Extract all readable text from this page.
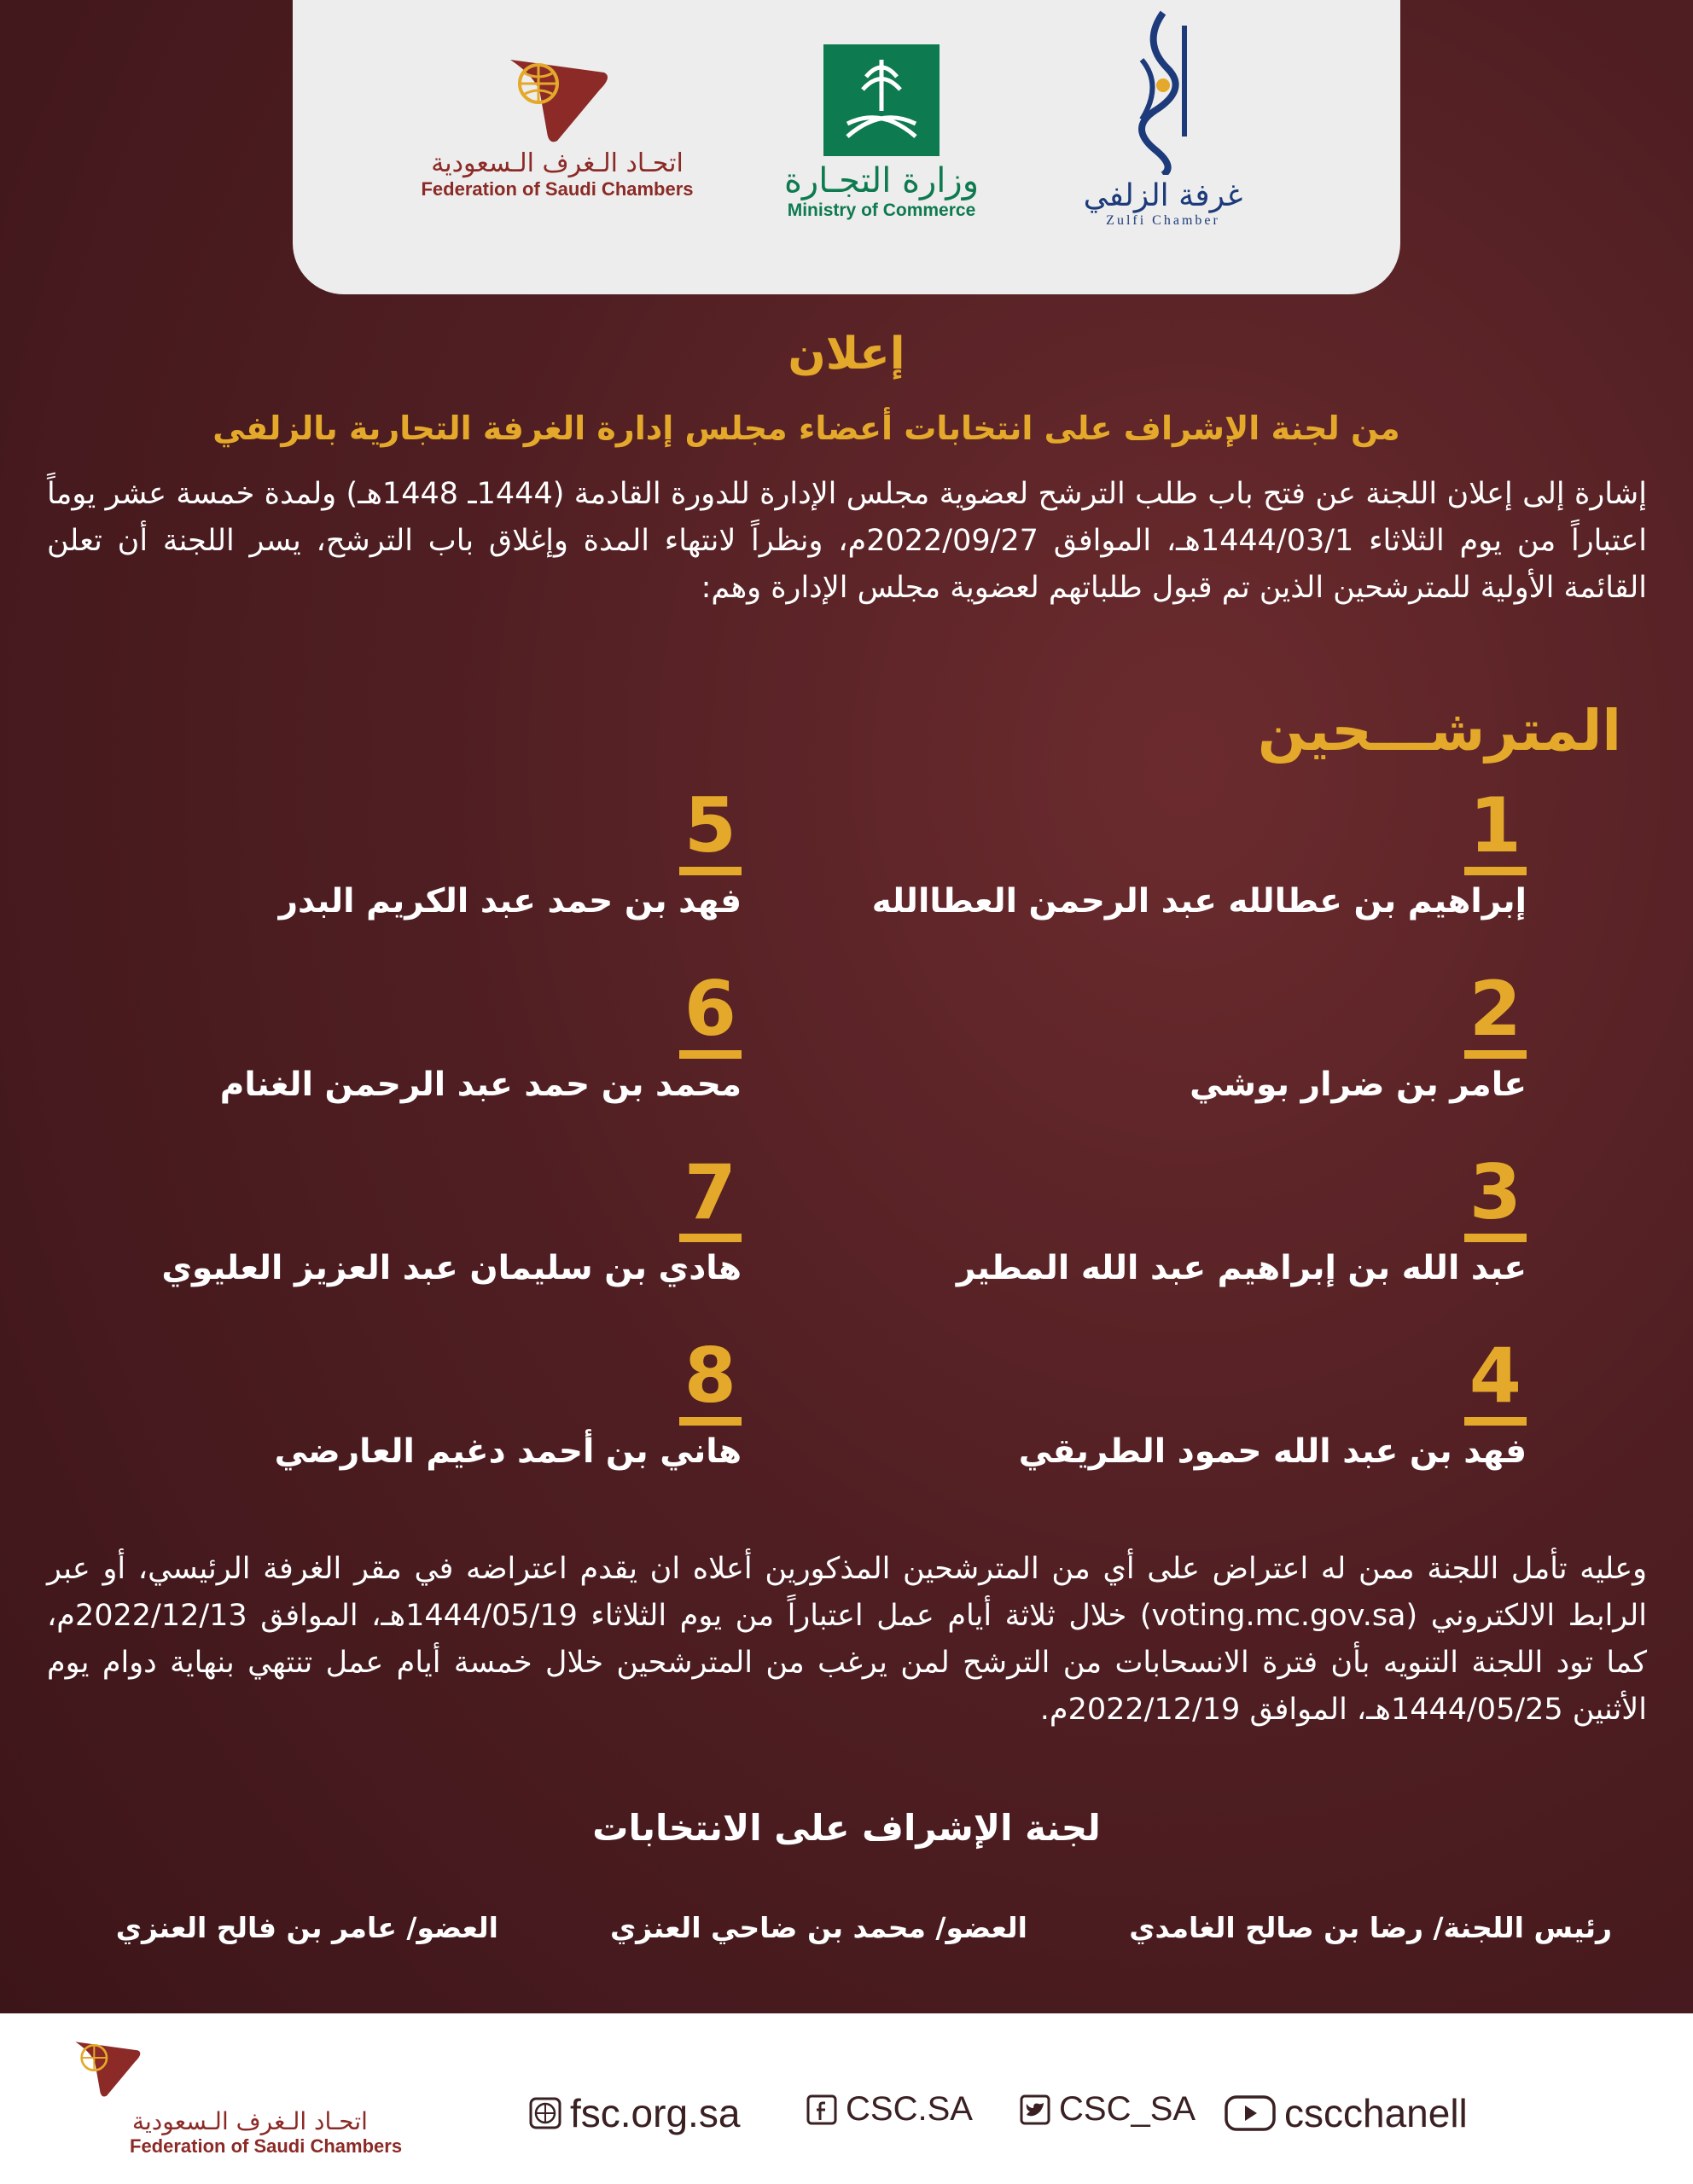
اتحـاد الـغرف الـسعودية
Federation of Saudi Chambers	وزارة التجـارة
Ministry of Commerce	غرفة الزلفي
Zulfi Chamber
إعلان
من لجنة الإشراف على انتخابات أعضاء مجلس إدارة الغرفة التجارية بالزلفي
إشارة إلى إعلان اللجنة عن فتح باب طلب الترشح لعضوية مجلس الإدارة للدورة القادمة (1444ـ 1448هـ) ولمدة خمسة عشر يوماً اعتباراً من يوم الثلاثاء 1444/03/1هـ، الموافق 2022/09/27م، ونظراً لانتهاء المدة وإغلاق باب الترشح، يسر اللجنة أن تعلن القائمة الأولية للمترشحين الذين تم قبول طلباتهم لعضوية مجلس الإدارة وهم:
المترشـــحين
1
إبراهيم بن عطالله عبد الرحمن العطاالله
2
عامر بن ضرار بوشي
3
عبد الله بن إبراهيم عبد الله المطير
4
فهد بن عبد الله حمود الطريقي
5
فهد بن حمد عبد الكريم البدر
6
محمد بن حمد عبد الرحمن الغنام
7
هادي بن سليمان عبد العزيز العليوي
8
هاني بن أحمد دغيم العارضي
وعليه تأمل اللجنة ممن له اعتراض على أي من المترشحين المذكورين أعلاه ان يقدم اعتراضه في مقر الغرفة الرئيسي، أو عبر الرابط الالكتروني (voting.mc.gov.sa) خلال ثلاثة أيام عمل اعتباراً من يوم الثلاثاء 1444/05/19هـ، الموافق 2022/12/13م، كما تود اللجنة التنويه بأن فترة الانسحابات من الترشح لمن يرغب من المترشحين خلال خمسة أيام عمل تنتهي بنهاية دوام يوم الأثنين 1444/05/25هـ، الموافق 2022/12/19م.
لجنة الإشراف على الانتخابات
رئيس اللجنة/ رضا بن صالح الغامدي
العضو/ محمد بن ضاحي العنزي
العضو/ عامر بن فالح العنزي
اتحـاد الـغرف الـسعودية
Federation of Saudi Chambers
fsc.org.sa	CSC.SA	CSC_SA cscchanell
